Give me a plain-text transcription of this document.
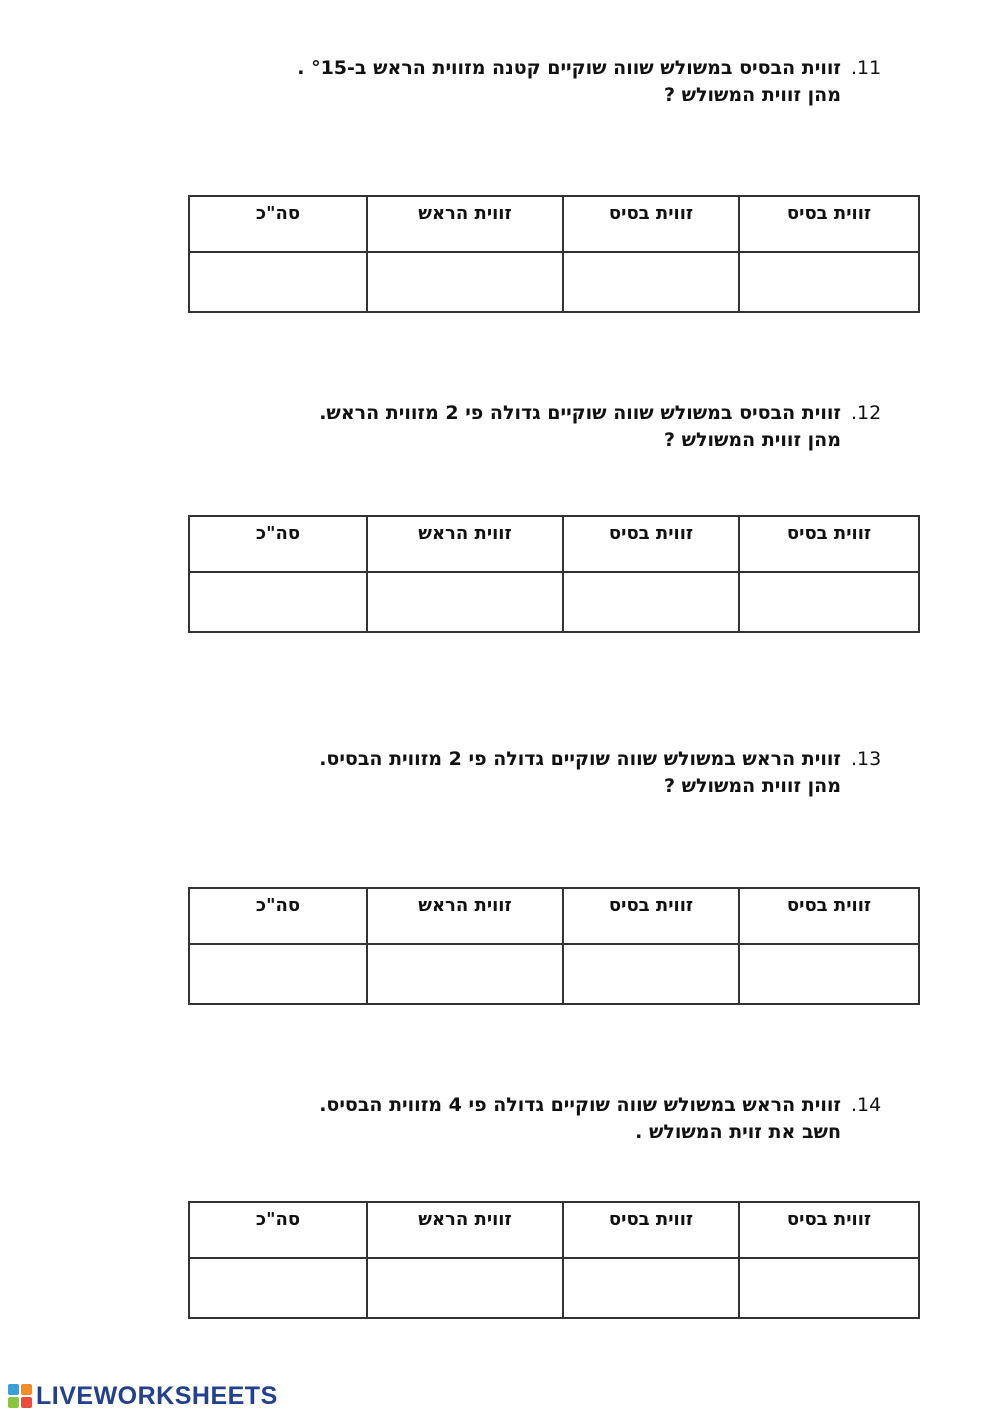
.11זווית הבסיס במשולש שווה שוקיים קטנה מזווית הראש ב-°15 .
מהן זווית המשולש ?
זווית בסיס	זווית בסיס	זווית הראש	סה"כ

.12זווית הבסיס במשולש שווה שוקיים גדולה פי 2 מזווית הראש.
מהן זווית המשולש ?
זווית בסיס	זווית בסיס	זווית הראש	סה"כ

.13זווית הראש במשולש שווה שוקיים גדולה פי 2 מזווית הבסיס.
מהן זווית המשולש ?
זווית בסיס	זווית בסיס	זווית הראש	סה"כ

.14זווית הראש במשולש שווה שוקיים גדולה פי 4 מזווית הבסיס.
חשב את זוית המשולש .
זווית בסיס	זווית בסיס	זווית הראש	סה"כ

LIVEWORKSHEETS
